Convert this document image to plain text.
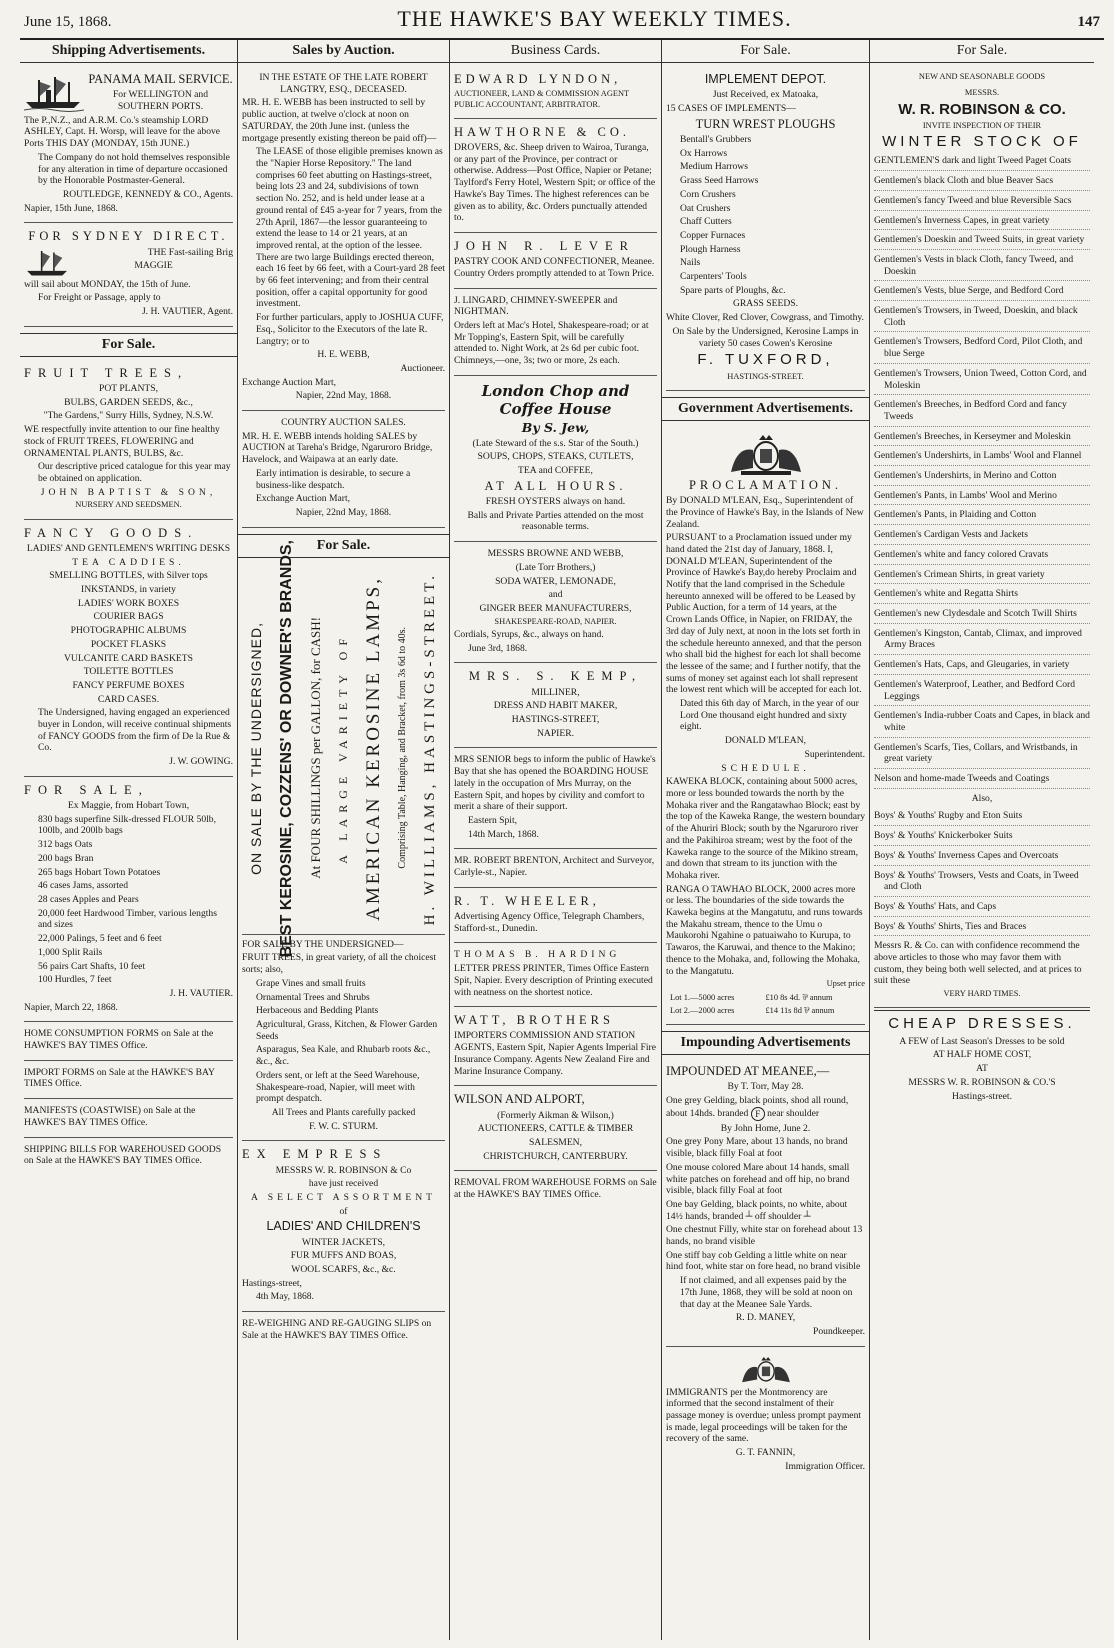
June 15, 1868.	THE HAWKE'S BAY WEEKLY TIMES.	147
Shipping Advertisements.

PANAMA MAIL SERVICE.

For WELLINGTON and SOUTHERN PORTS.

The P.,N.Z., and A.R.M. Co.'s steamship LORD ASHLEY, Capt. H. Worsp, will leave for the above Ports THIS DAY (MONDAY, 15th JUNE.)

The Company do not hold themselves responsible for any alteration in time of departure occasioned by the Honorable Postmaster-General.

ROUTLEDGE, KENNEDY & CO., Agents.

Napier, 15th June, 1868.

FOR SYDNEY DIRECT.

THE Fast-sailing Brig

MAGGIE

will sail about MONDAY, the 15th of June.

For Freight or Passage, apply to

J. H. VAUTIER, Agent.

For Sale.

FRUIT TREES,

POT PLANTS,

BULBS, GARDEN SEEDS, &c.,

"The Gardens," Surry Hills, Sydney, N.S.W.

WE respectfully invite attention to our fine healthy stock of FRUIT TREES, FLOWERING and ORNAMENTAL PLANTS, BULBS, &c.

Our descriptive priced catalogue for this year may be obtained on application.

JOHN BAPTIST & SON,

NURSERY AND SEEDSMEN.

FANCY GOODS.

LADIES' AND GENTLEMEN'S WRITING DESKS

TEA CADDIES.

SMELLING BOTTLES, with Silver tops

INKSTANDS, in variety

LADIES' WORK BOXES

COURIER BAGS

PHOTOGRAPHIC ALBUMS

POCKET FLASKS

VULCANITE CARD BASKETS

TOILETTE BOTTLES

FANCY PERFUME BOXES

CARD CASES.

The Undersigned, having engaged an experienced buyer in London, will receive continual shipments of FANCY GOODS from the firm of De la Rue & Co.

J. W. GOWING.

FOR SALE,

Ex Maggie, from Hobart Town,

830 bags superfine Silk-dressed FLOUR 50lb, 100lb, and 200lb bags

312 bags Oats

200 bags Bran

265 bags Hobart Town Potatoes

46 cases Jams, assorted

28 cases Apples and Pears

20,000 feet Hardwood Timber, various lengths and sizes

22,000 Palings, 5 feet and 6 feet

1,000 Split Rails

56 pairs Cart Shafts, 10 feet

100 Hurdles, 7 feet

J. H. VAUTIER.

Napier, March 22, 1868.

HOME CONSUMPTION FORMS on Sale at the HAWKE'S BAY TIMES Office.

IMPORT FORMS on Sale at the HAWKE'S BAY TIMES Office.

MANIFESTS (COASTWISE) on Sale at the HAWKE'S BAY TIMES Office.

SHIPPING BILLS FOR WAREHOUSED GOODS on Sale at the HAWKE'S BAY TIMES Office.

Sales by Auction.

IN THE ESTATE OF THE LATE ROBERT LANGTRY, ESQ., DECEASED.

MR. H. E. WEBB has been instructed to sell by public auction, at twelve o'clock at noon on SATURDAY, the 20th June inst. (unless the mortgage presently existing thereon be paid off)—

The LEASE of those eligible premises known as the "Napier Horse Repository." The land comprises 60 feet abutting on Hastings-street, being lots 23 and 24, subdivisions of town section No. 252, and is held under lease at a ground rental of £45 a-year for 7 years, from the 27th April, 1867—the lessor guaranteeing to extend the lease to 14 or 21 years, at an improved rental, at the option of the lessee. There are two large Buildings erected thereon, each 16 feet by 66 feet, with a Court-yard 28 feet by 66 feet intervening; and from their central position, offer a capital opportunity for good investment.

For further particulars, apply to JOSHUA CUFF, Esq., Solicitor to the Executors of the late R. Langtry; or to

H. E. WEBB,

Auctioneer.

Exchange Auction Mart,

Napier, 22nd May, 1868.

COUNTRY AUCTION SALES.

MR. H. E. WEBB intends holding SALES by AUCTION at Tareha's Bridge, Ngaruroro Bridge, Havelock, and Waipawa at an early date.

Early intimation is desirable, to secure a business-like despatch.

Exchange Auction Mart,

Napier, 22nd May, 1868.

For Sale.
ON SALE BY THE UNDERSIGNED, BEST KEROSINE, COZZENS' OR DOWNER'S BRANDS, At FOUR SHILLINGS per GALLON, for CASH! A LARGE VARIETY OF AMERICAN KEROSINE LAMPS, Comprising Table, Hanging, and Bracket, from 3s 6d to 40s. H. WILLIAMS, HASTINGS-STREET.

FOR SALE BY THE UNDERSIGNED—

FRUIT TREES, in great variety, of all the choicest sorts; also,

Grape Vines and small fruits

Ornamental Trees and Shrubs

Herbaceous and Bedding Plants

Agricultural, Grass, Kitchen, & Flower Garden Seeds

Asparagus, Sea Kale, and Rhubarb roots &c., &c., &c.

Orders sent, or left at the Seed Warehouse, Shakespeare-road, Napier, will meet with prompt despatch.

All Trees and Plants carefully packed

F. W. C. STURM.

EX EMPRESS

MESSRS W. R. ROBINSON & Co

have just received

A SELECT ASSORTMENT

of

LADIES' AND CHILDREN'S

WINTER JACKETS,

FUR MUFFS AND BOAS,

WOOL SCARFS, &c., &c.

Hastings-street,

4th May, 1868.

RE-WEIGHING AND RE-GAUGING SLIPS on Sale at the HAWKE'S BAY TIMES Office.

Business Cards.

EDWARD LYNDON,

AUCTIONEER, LAND & COMMISSION AGENT PUBLIC ACCOUNTANT, ARBITRATOR.

HAWTHORNE & CO.

DROVERS, &c. Sheep driven to Wairoa, Turanga, or any part of the Province, per contract or otherwise. Address—Post Office, Napier or Petane; Taylford's Ferry Hotel, Western Spit; or office of the Hawke's Bay Times. The highest references can be given as to ability, &c. Orders punctually attended to.

JOHN R. LEVER

PASTRY COOK AND CONFECTIONER, Meanee. Country Orders promptly attended to at Town Price.

J. LINGARD, CHIMNEY-SWEEPER and NIGHTMAN.

Orders left at Mac's Hotel, Shakespeare-road; or at Mr Topping's, Eastern Spit, will be carefully attended to. Night Work, at 2s 6d per cubic foot. Chimneys,—one, 3s; two or more, 2s each.

London Chop and Coffee House

By S. Jew,

(Late Steward of the s.s. Star of the South.)

SOUPS, CHOPS, STEAKS, CUTLETS,

TEA and COFFEE,

AT ALL HOURS.

FRESH OYSTERS always on hand.

Balls and Private Parties attended on the most reasonable terms.

MESSRS BROWNE AND WEBB,

(Late Torr Brothers,)

SODA WATER, LEMONADE,

and

GINGER BEER MANUFACTURERS,

SHAKESPEARE-ROAD, NAPIER.

Cordials, Syrups, &c., always on hand.

June 3rd, 1868.

MRS. S. KEMP,

MILLINER,

DRESS AND HABIT MAKER,

HASTINGS-STREET,

NAPIER.

MRS SENIOR begs to inform the public of Hawke's Bay that she has opened the BOARDING HOUSE lately in the occupation of Mrs Murray, on the Eastern Spit, and hopes by civility and comfort to merit a share of their support.

Eastern Spit,

14th March, 1868.

MR. ROBERT BRENTON, Architect and Surveyor, Carlyle-st., Napier.

R. T. WHEELER,

Advertising Agency Office, Telegraph Chambers, Stafford-st., Dunedin.

THOMAS B. HARDING

LETTER PRESS PRINTER, Times Office Eastern Spit, Napier. Every description of Printing executed with neatness on the shortest notice.

WATT, BROTHERS

IMPORTERS COMMISSION AND STATION AGENTS, Eastern Spit, Napier Agents Imperial Fire Insurance Company. Agents New Zealand Fire and Marine Insurance Company.

WILSON AND ALPORT,

(Formerly Aikman & Wilson,)

AUCTIONEERS, CATTLE & TIMBER

SALESMEN,

CHRISTCHURCH, CANTERBURY.

REMOVAL FROM WAREHOUSE FORMS on Sale at the HAWKE'S BAY TIMES Office.

For Sale.

IMPLEMENT DEPOT.

Just Received, ex Matoaka,

15 CASES OF IMPLEMENTS—

TURN WREST PLOUGHS

Bentall's Grubbers

Ox Harrows

Medium Harrows

Grass Seed Harrows

Corn Crushers

Oat Crushers

Chaff Cutters

Copper Furnaces

Plough Harness

Nails

Carpenters' Tools

Spare parts of Ploughs, &c.

GRASS SEEDS.

White Clover, Red Clover, Cowgrass, and Timothy.

On Sale by the Undersigned, Kerosine Lamps in variety 50 cases Cowen's Kerosine

F. TUXFORD,

HASTINGS-STREET.

Government Advertisements.

PROCLAMATION.

By DONALD M'LEAN, Esq., Superintendent of the Province of Hawke's Bay, in the Islands of New Zealand.

PURSUANT to a Proclamation issued under my hand dated the 21st day of January, 1868. I, DONALD M'LEAN, Superintendent of the Province of Hawke's Bay,do hereby Proclaim and Notify that the land comprised in the Schedule hereunto annexed will be offered to be Leased by Public Auction, for a term of 14 years, at the Crown Lands Office, in Napier, on FRIDAY, the 3rd day of July next, at noon in the lots set forth in the schedule hereunto annexed, and that the person who shall bid the highest for each lot shall become the lessee of the same; and I further notify, that the sums of money set against each lot shall represent the lowest rent which will be accepted for each lot.

Dated this 6th day of March, in the year of our Lord One thousand eight hundred and sixty eight.

DONALD M'LEAN,

Superintendent.

SCHEDULE.

KAWEKA BLOCK, containing about 5000 acres, more or less bounded towards the north by the Mohaka river and the Rangatawhao Block; east by the top of the Kaweka Range, the western boundary of the Ahuriri Block; south by the Ngaruroro river and the Pakihiroa stream; west by the foot of the Kaweka range to the source of the Mikino stream, and down that stream to its junction with the Mohaka river.

RANGA O TAWHAO BLOCK, 2000 acres more or less. The boundaries of the side towards the Kaweka begins at the Mangatutu, and runs towards the Makahu stream, thence to the Umu o Maukorohi Ngahine o patuaiwaho to Kurupa, to Tawaros, the Karuwai, and thence to the Makino; thence to the Mohaka, and, following the Mohaka, to the Mangatutu.

Upset price

Lot 1.—5000 acres	£10 8s 4d. ⅌ annum
Lot 2.—2000 acres	£14 11s 8d ⅌ annum
Impounding Advertisements

IMPOUNDED AT MEANEE,—

By T. Torr, May 28.

One grey Gelding, black points, shod all round, about 14hds. branded F near shoulder

By John Home, June 2.

One grey Pony Mare, about 13 hands, no brand visible, black filly Foal at foot

One mouse colored Mare about 14 hands, small white patches on forehead and off hip, no brand visible, black filly Foal at foot

One bay Gelding, black points, no white, about 14½ hands, branded ┴ off shoulder ┴

One chestnut Filly, white star on forehead about 13 hands, no brand visible

One stiff bay cob Gelding a little white on near hind foot, white star on fore head, no brand visible

If not claimed, and all expenses paid by the 17th June, 1868, they will be sold at noon on that day at the Meanee Sale Yards.

R. D. MANEY,

Poundkeeper.

IMMIGRANTS per the Montmorency are informed that the second instalment of their passage money is overdue; unless prompt payment is made, legal proceedings will be taken for the recovery of the same.

G. T. FANNIN,

Immigration Officer.

For Sale.

NEW AND SEASONABLE GOODS

MESSRS.

W. R. ROBINSON & CO.

INVITE INSPECTION OF THEIR

WINTER STOCK OF

GENTLEMEN'S dark and light Tweed Paget Coats

Gentlemen's black Cloth and blue Beaver Sacs

Gentlemen's fancy Tweed and blue Reversible Sacs

Gentlemen's Inverness Capes, in great variety

Gentlemen's Doeskin and Tweed Suits, in great variety

Gentlemen's Vests in black Cloth, fancy Tweed, and Doeskin

Gentlemen's Vests, blue Serge, and Bedford Cord

Gentlemen's Trowsers, in Tweed, Doeskin, and black Cloth

Gentlemen's Trowsers, Bedford Cord, Pilot Cloth, and blue Serge

Gentlemen's Trowsers, Union Tweed, Cotton Cord, and Moleskin

Gentlemen's Breeches, in Bedford Cord and fancy Tweeds

Gentlemen's Breeches, in Kerseymer and Moleskin

Gentlemen's Undershirts, in Lambs' Wool and Flannel

Gentlemen's Undershirts, in Merino and Cotton

Gentlemen's Pants, in Lambs' Wool and Merino

Gentlemen's Pants, in Plaiding and Cotton

Gentlemen's Cardigan Vests and Jackets

Gentlemen's white and fancy colored Cravats

Gentlemen's Crimean Shirts, in great variety

Gentlemen's white and Regatta Shirts

Gentlemen's new Clydesdale and Scotch Twill Shirts

Gentlemen's Kingston, Cantab, Climax, and improved Army Braces

Gentlemen's Hats, Caps, and Gleugaries, in variety

Gentlemen's Waterproof, Leather, and Bedford Cord Leggings

Gentlemen's India-rubber Coats and Capes, in black and white

Gentlemen's Scarfs, Ties, Collars, and Wristbands, in great variety

Nelson and home-made Tweeds and Coatings

Also,

Boys' & Youths' Rugby and Eton Suits

Boys' & Youths' Knickerboker Suits

Boys' & Youths' Inverness Capes and Overcoats

Boys' & Youths' Trowsers, Vests and Coats, in Tweed and Cloth

Boys' & Youths' Hats, and Caps

Boys' & Youths' Shirts, Ties and Braces

Messrs R. & Co. can with confidence recommend the above articles to those who may favor them with custom, they being both well selected, and at prices to suit these

VERY HARD TIMES.

CHEAP DRESSES.

A FEW of Last Season's Dresses to be sold

AT HALF HOME COST,

AT

MESSRS W. R. ROBINSON & CO.'S

Hastings-street.
